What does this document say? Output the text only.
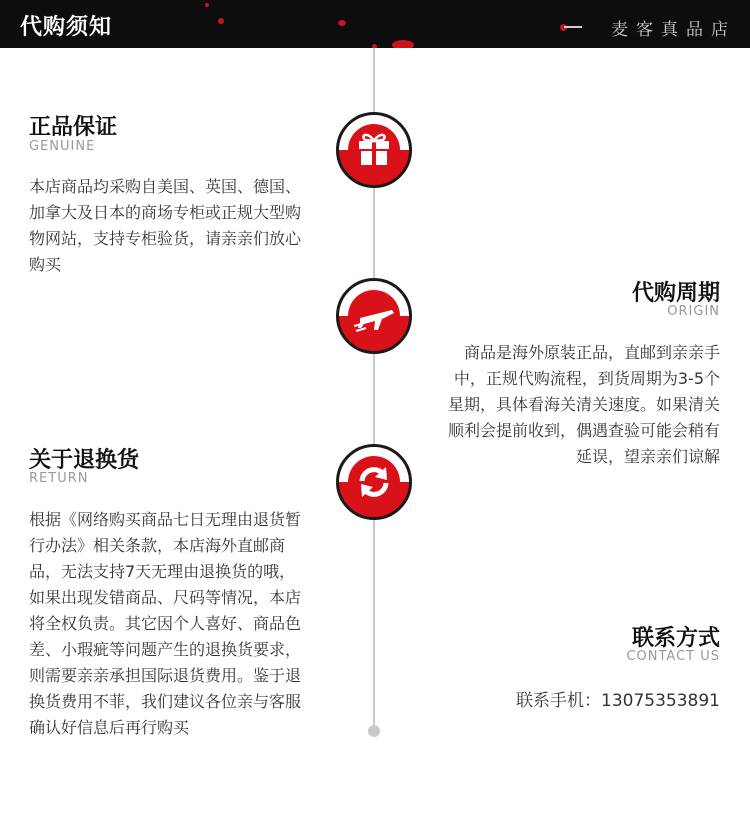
代购须知	麦客真品店
正品保证
GENUINE
本店商品均采购自美国、英国、德国、加拿大及日本的商场专柜或正规大型购物网站，支持专柜验货，请亲亲们放心购买
代购周期
ORIGIN
商品是海外原装正品，直邮到亲亲手中，正规代购流程，到货周期为3-5个星期，具体看海关清关速度。如果清关顺利会提前收到，偶遇查验可能会稍有延误，望亲亲们谅解
关于退换货
RETURN
根据《网络购买商品七日无理由退货暂行办法》相关条款，本店海外直邮商品，无法支持7天无理由退换货的哦，如果出现发错商品、尺码等情况，本店将全权负责。其它因个人喜好、商品色差、小瑕疵等问题产生的退换货要求，则需要亲亲承担国际退货费用。鉴于退换货费用不菲，我们建议各位亲与客服确认好信息后再行购买
联系方式
CONTACT US
联系手机：13075353891
